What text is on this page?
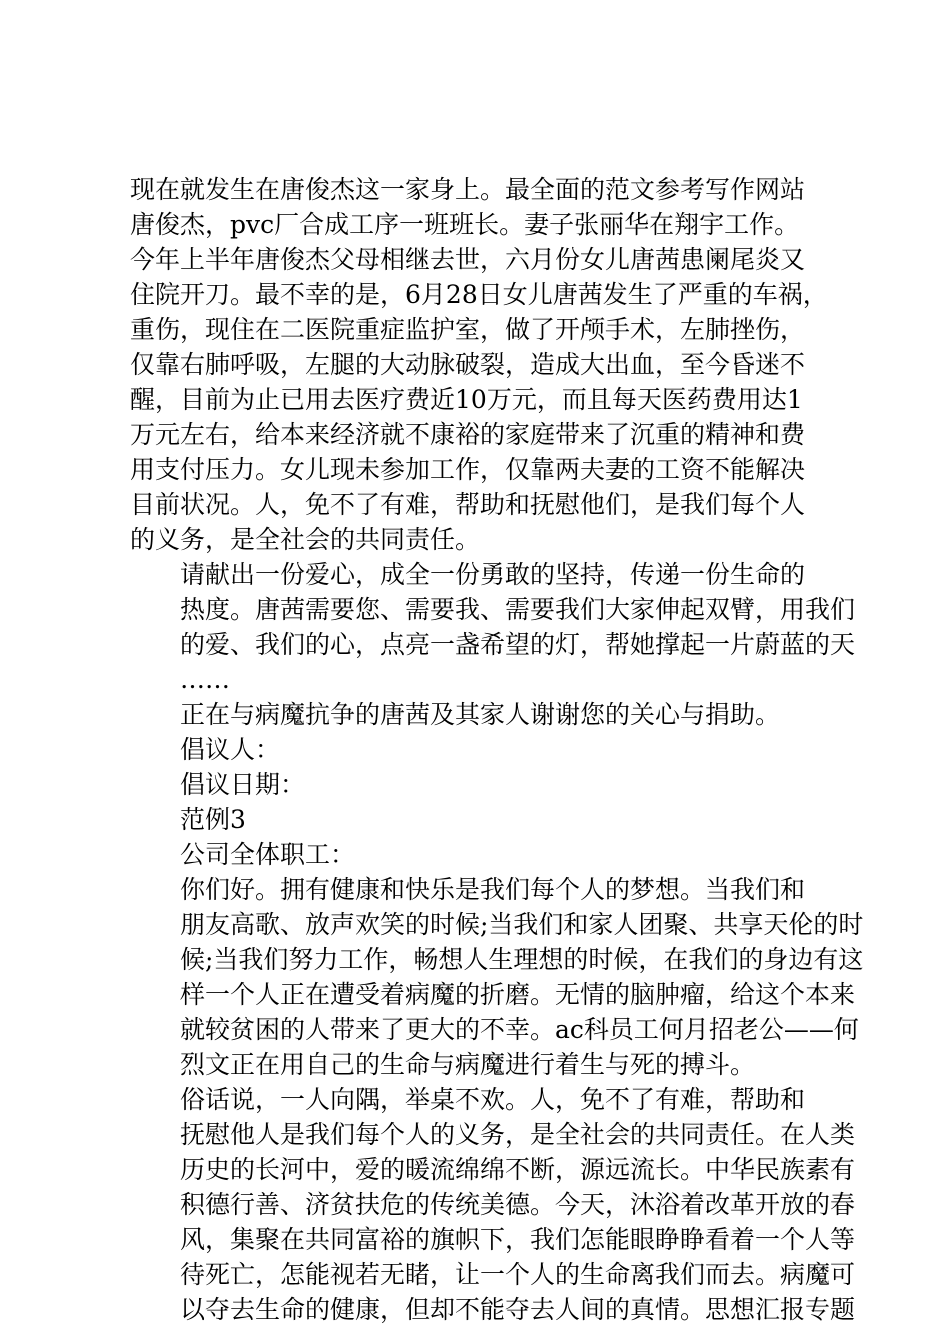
现在就发生在唐俊杰这一家身上。最全面的范文参考写作网站
唐俊杰，pvc厂合成工序一班班长。妻子张丽华在翔宇工作。
今年上半年唐俊杰父母相继去世，六月份女儿唐茜患阑尾炎又
住院开刀。最不幸的是，6月28日女儿唐茜发生了严重的车祸，
重伤，现住在二医院重症监护室，做了开颅手术，左肺挫伤，
仅靠右肺呼吸，左腿的大动脉破裂，造成大出血，至今昏迷不
醒，目前为止已用去医疗费近10万元，而且每天医药费用达1
万元左右，给本来经济就不康裕的家庭带来了沉重的精神和费
用支付压力。女儿现未参加工作，仅靠两夫妻的工资不能解决
目前状况。人，免不了有难，帮助和抚慰他们，是我们每个人
的义务，是全社会的共同责任。

请献出一份爱心，成全一份勇敢的坚持，传递一份生命的
热度。唐茜需要您、需要我、需要我们大家伸起双臂，用我们
的爱、我们的心，点亮一盏希望的灯，帮她撑起一片蔚蓝的天
……

正在与病魔抗争的唐茜及其家人谢谢您的关心与捐助。

倡议人：

倡议日期：

范例3

公司全体职工：

你们好。拥有健康和快乐是我们每个人的梦想。当我们和
朋友高歌、放声欢笑的时候;当我们和家人团聚、共享天伦的时
候;当我们努力工作，畅想人生理想的时候，在我们的身边有这
样一个人正在遭受着病魔的折磨。无情的脑肿瘤，给这个本来
就较贫困的人带来了更大的不幸。ac科员工何月招老公——何
烈文正在用自己的生命与病魔进行着生与死的搏斗。

俗话说，一人向隅，举桌不欢。人，免不了有难，帮助和
抚慰他人是我们每个人的义务，是全社会的共同责任。在人类
历史的长河中，爱的暖流绵绵不断，源远流长。中华民族素有
积德行善、济贫扶危的传统美德。今天，沐浴着改革开放的春
风，集聚在共同富裕的旗帜下，我们怎能眼睁睁看着一个人等
待死亡，怎能视若无睹，让一个人的生命离我们而去。病魔可
以夺去生命的健康，但却不能夺去人间的真情。思想汇报专题
